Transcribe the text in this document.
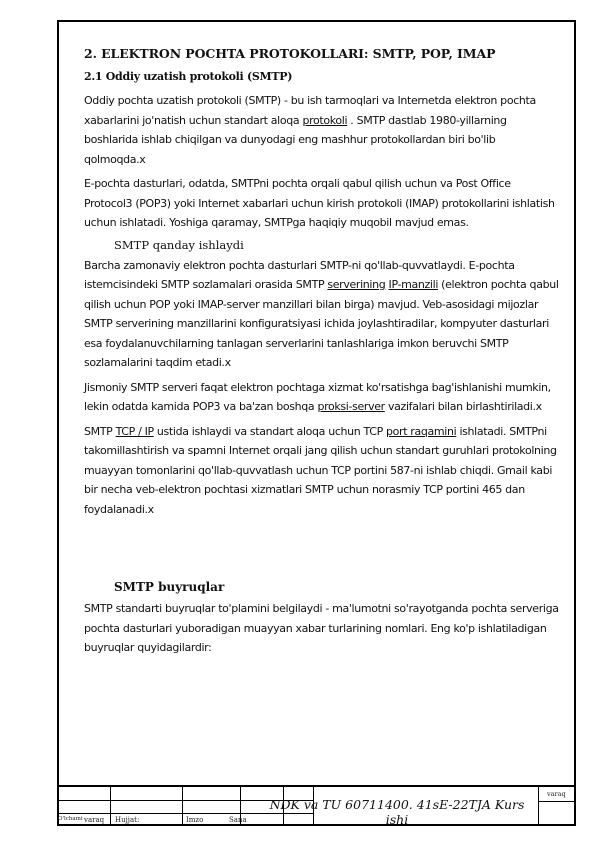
2. ELEKTRON POCHTA PROTOKOLLARI: SMTP, POP, IMAP
2.1 Oddiy uzatish protokoli (SMTP)

Oddiy pochta uzatish protokoli (SMTP) - bu ish tarmoqlari va Internetda elektron pochta xabarlarini jo'natish uchun standart aloqa protokoli . SMTP dastlab 1980-yillarning boshlarida ishlab chiqilgan va dunyodagi eng mashhur protokollardan biri bo'lib qolmoqda.x

E-pochta dasturlari, odatda, SMTPni pochta orqali qabul qilish uchun va Post Office Protocol3 (POP3) yoki Internet xabarlari uchun kirish protokoli (IMAP) protokollarini ishlatish uchun ishlatadi. Yoshiga qaramay, SMTPga haqiqiy muqobil mavjud emas.

SMTP qanday ishlaydi

Barcha zamonaviy elektron pochta dasturlari SMTP-ni qo'llab-quvvatlaydi. E-pochta istemcisindeki SMTP sozlamalari orasida SMTP serverining IP-manzili (elektron pochta qabul qilish uchun POP yoki IMAP-server manzillari bilan birga) mavjud. Veb-asosidagi mijozlar SMTP serverining manzillarini konfiguratsiyasi ichida joylashtiradilar, kompyuter dasturlari esa foydalanuvchilarning tanlagan serverlarini tanlashlariga imkon beruvchi SMTP sozlamalarini taqdim etadi.x

Jismoniy SMTP serveri faqat elektron pochtaga xizmat ko'rsatishga bag'ishlanishi mumkin, lekin odatda kamida POP3 va ba'zan boshqa proksi-server vazifalari bilan birlashtiriladi.x

SMTP TCP / IP ustida ishlaydi va standart aloqa uchun TCP port raqamini ishlatadi. SMTPni takomillashtirish va spamni Internet orqali jang qilish uchun standart guruhlari protokolning muayyan tomonlarini qo'llab-quvvatlash uchun TCP portini 587-ni ishlab chiqdi. Gmail kabi bir necha veb-elektron pochtasi xizmatlari SMTP uchun norasmiy TCP portini 465 dan foydalanadi.x

SMTP buyruqlar

SMTP standarti buyruqlar to'plamini belgilaydi - ma'lumotni so'rayotganda pochta serveriga pochta dasturlari yuboradigan muayyan xabar turlarining nomlari. Eng ko'p ishlatiladigan buyruqlar quyidagilardir:

O'lchami varaq Hujjat:	Imzo	Sana
NDK va TU 60711400. 41sE-22TJA Kurs ishi
varaq
